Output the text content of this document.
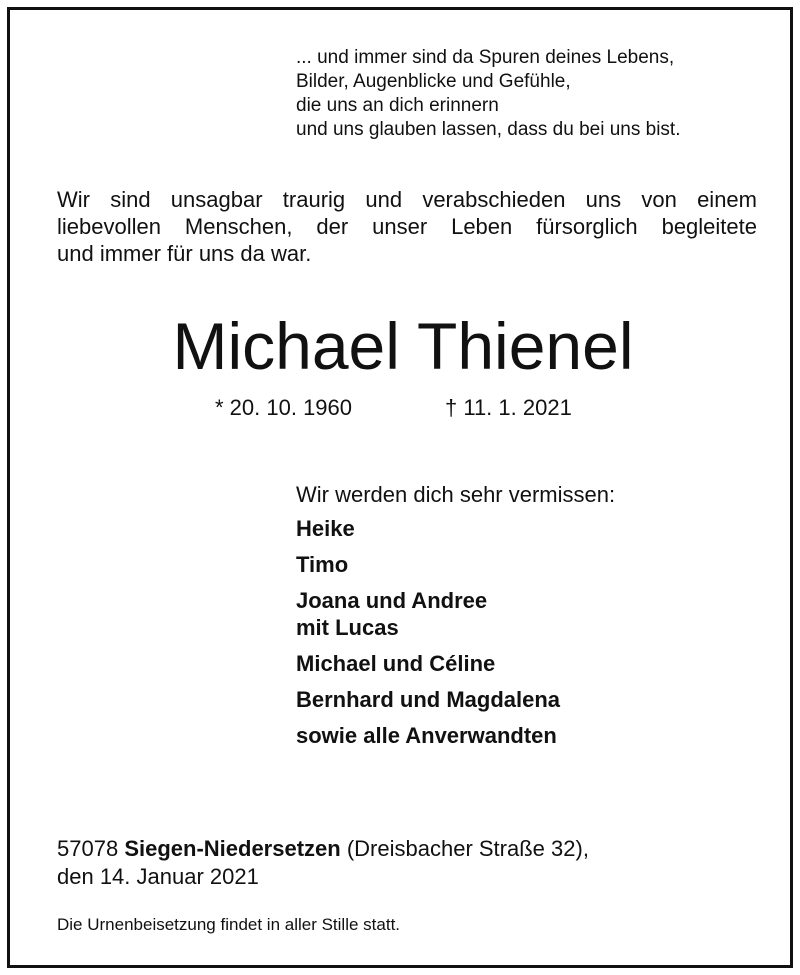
... und immer sind da Spuren deines Lebens,
Bilder, Augenblicke und Gefühle,
die uns an dich erinnern
und uns glauben lassen, dass du bei uns bist.
Wir sind unsagbar traurig und verabschieden uns von einem
liebevollen Menschen, der unser Leben fürsorglich begleitete
und immer für uns da war.
Michael Thienel
* 20. 10. 1960	† 11. 1. 2021
Wir werden dich sehr vermissen:
Heike
Timo
Joana und Andree
mit Lucas
Michael und Céline
Bernhard und Magdalena
sowie alle Anverwandten
57078 Siegen-Niedersetzen (Dreisbacher Straße 32),
den 14. Januar 2021
Die Urnenbeisetzung findet in aller Stille statt.
